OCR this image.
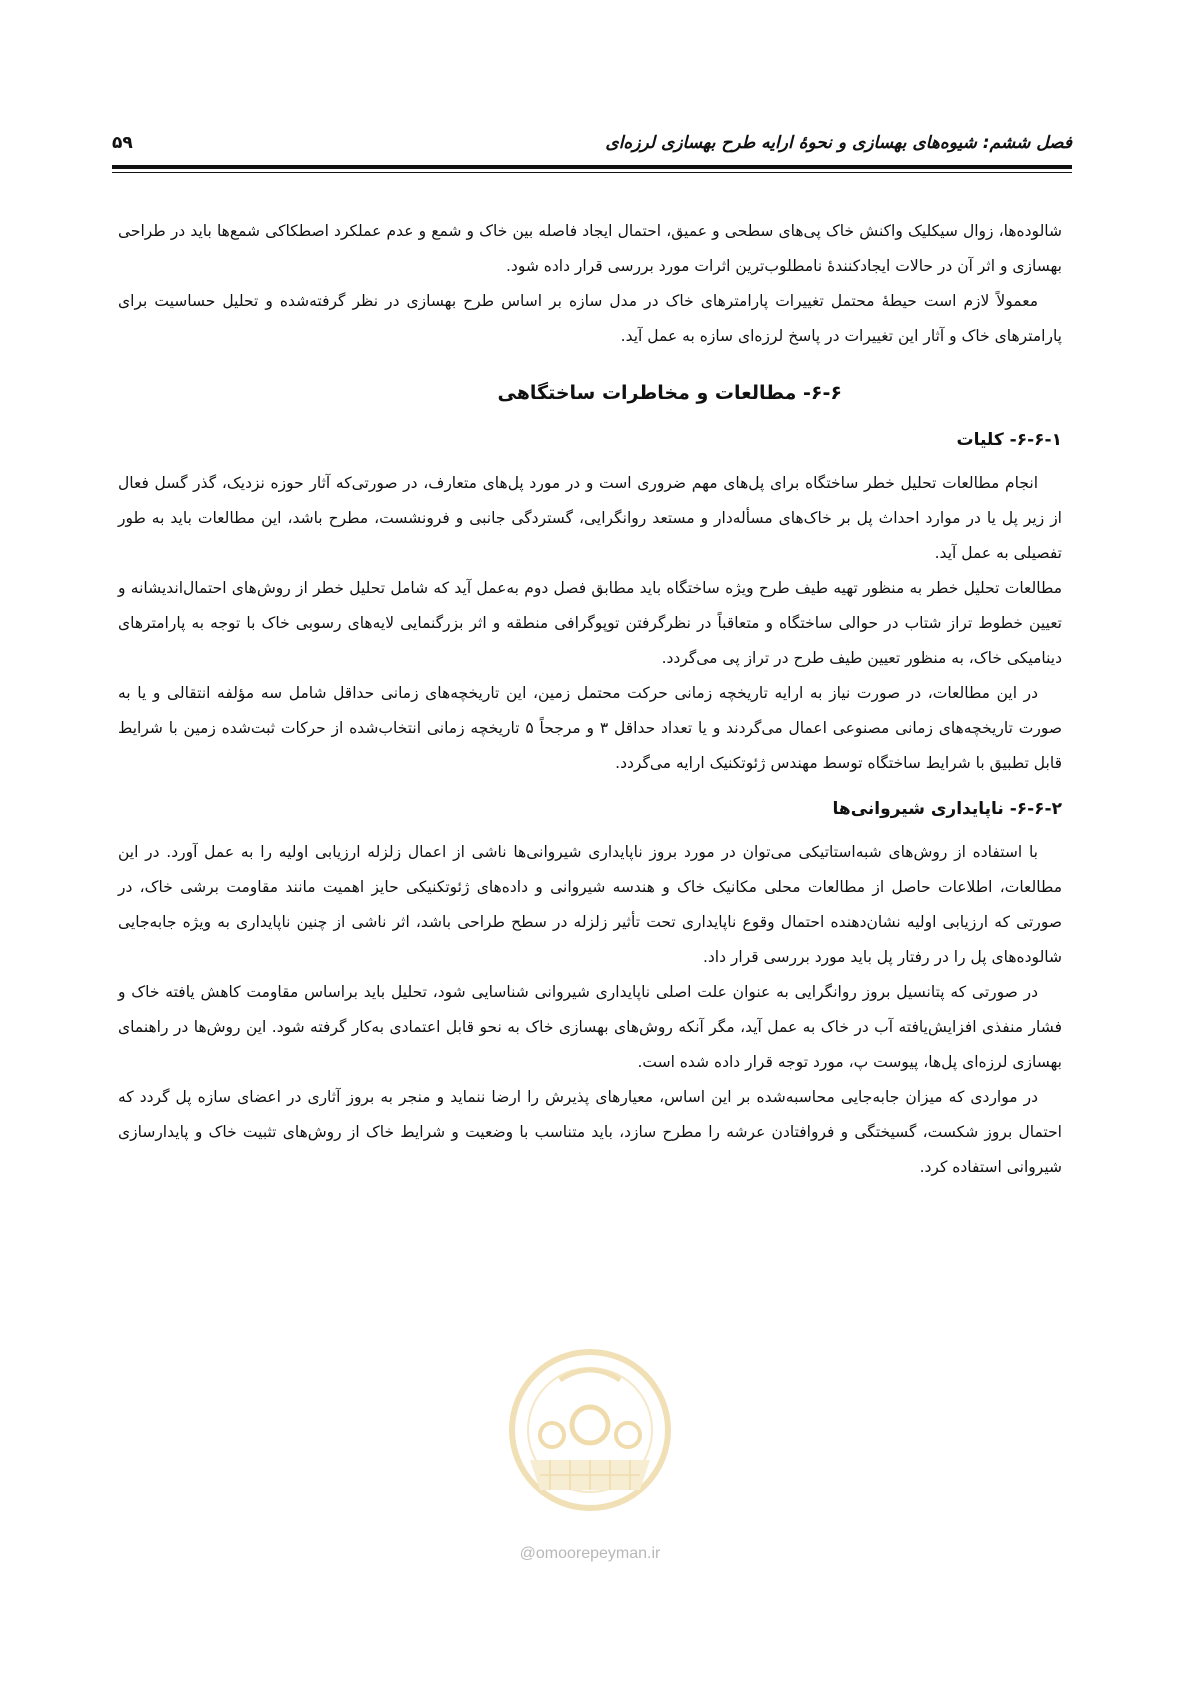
فصل ششم: شیوه‌های بهسازی و نحوهٔ ارایه طرح بهسازی لرزه‌ای
۵۹

شالوده‌ها، زوال سیکلیک واکنش خاک پی‌های سطحی و عمیق، احتمال ایجاد فاصله بین خاک و شمع و عدم عملکرد اصطکاکی شمع‌ها باید در طراحی بهسازی و اثر آن در حالات ایجادکنندهٔ نامطلوب‌ترین اثرات مورد بررسی قرار داده شود.

معمولاً لازم است حیطهٔ محتمل تغییرات پارامترهای خاک در مدل سازه بر اساس طرح بهسازی در نظر گرفته‌شده و تحلیل حساسیت برای پارامترهای خاک و آثار این تغییرات در پاسخ لرزه‌ای سازه به عمل آید.

۶-۶- مطالعات و مخاطرات ساختگاهی
۶-۶-۱- کلیات

انجام مطالعات تحلیل خطر ساختگاه برای پل‌های مهم ضروری است و در مورد پل‌های متعارف، در صورتی‌که آثار حوزه نزدیک، گذر گسل فعال از زیر پل یا در موارد احداث پل بر خاک‌های مسأله‌دار و مستعد روانگرایی، گستردگی جانبی و فرونشست، مطرح باشد، این مطالعات باید به طور تفصیلی به عمل آید.

مطالعات تحلیل خطر به منظور تهیه طیف طرح ویژه ساختگاه باید مطابق فصل دوم به‌عمل آید که شامل تحلیل خطر از روش‌های احتمال‌اندیشانه و تعیین خطوط تراز شتاب در حوالی ساختگاه و متعاقباً در نظرگرفتن توپوگرافی منطقه و اثر بزرگنمایی لایه‌های رسوبی خاک با توجه به پارامترهای دینامیکی خاک، به منظور تعیین طیف طرح در تراز پی می‌گردد.

در این مطالعات، در صورت نیاز به ارایه تاریخچه زمانی حرکت محتمل زمین، این تاریخچه‌های زمانی حداقل شامل سه مؤلفه انتقالی و یا به صورت تاریخچه‌های زمانی مصنوعی اعمال می‌گردند و یا تعداد حداقل ۳ و مرجحاً ۵ تاریخچه زمانی انتخاب‌شده از حرکات ثبت‌شده زمین با شرایط قابل تطبیق با شرایط ساختگاه توسط مهندس ژئوتکنیک ارایه می‌گردد.

۶-۶-۲- ناپایداری شیروانی‌ها

با استفاده از روش‌های شبه‌استاتیکی می‌توان در مورد بروز ناپایداری شیروانی‌ها ناشی از اعمال زلزله ارزیابی اولیه را به عمل آورد. در این مطالعات، اطلاعات حاصل از مطالعات محلی مکانیک خاک و هندسه شیروانی و داده‌های ژئوتکنیکی حایز اهمیت مانند مقاومت برشی خاک، در صورتی که ارزیابی اولیه نشان‌دهنده احتمال وقوع ناپایداری تحت تأثیر زلزله در سطح طراحی باشد، اثر ناشی از چنین ناپایداری به ویژه جابه‌جایی شالوده‌های پل را در رفتار پل باید مورد بررسی قرار داد.

در صورتی که پتانسیل بروز روانگرایی به عنوان علت اصلی ناپایداری شیروانی شناسایی شود، تحلیل باید براساس مقاومت کاهش یافته خاک و فشار منفذی افزایش‌یافته آب در خاک به عمل آید، مگر آنکه روش‌های بهسازی خاک به نحو قابل اعتمادی به‌کار گرفته شود. این روش‌ها در راهنمای بهسازی لرزه‌ای پل‌ها، پیوست پ، مورد توجه قرار داده شده است.

در مواردی که میزان جابه‌جایی محاسبه‌شده بر این اساس، معیارهای پذیرش را ارضا ننماید و منجر به بروز آثاری در اعضای سازه پل گردد که احتمال بروز شکست، گسیختگی و فروافتادن عرشه را مطرح سازد، باید متناسب با وضعیت و شرایط خاک از روش‌های تثبیت خاک و پایدارسازی شیروانی استفاده کرد.

@omoorepeyman.ir
